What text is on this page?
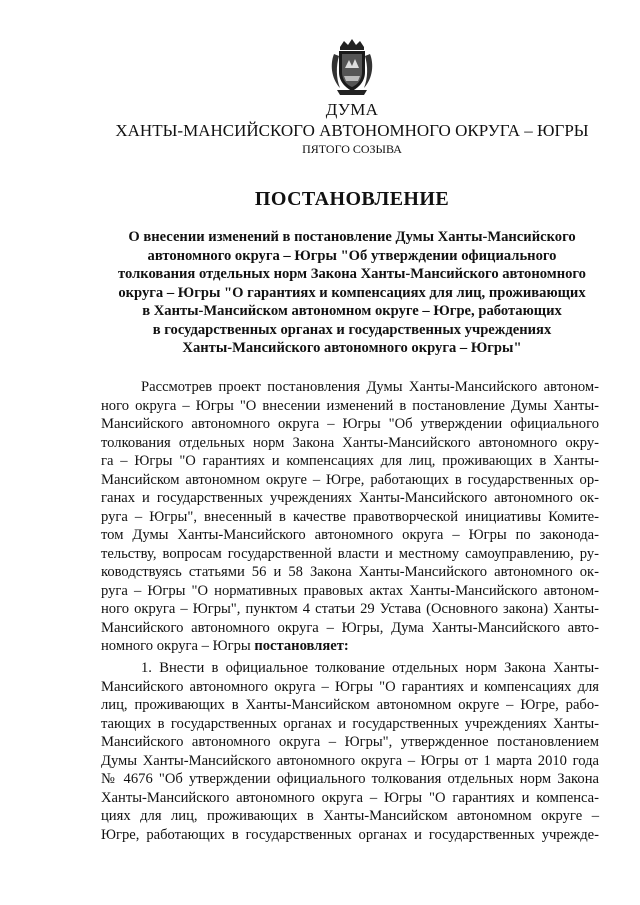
ДУМА
ХАНТЫ-МАНСИЙСКОГО АВТОНОМНОГО ОКРУГА – ЮГРЫ
ПЯТОГО СОЗЫВА
ПОСТАНОВЛЕНИЕ
О внесении изменений в постановление Думы Ханты-Мансийского
автономного округа – Югры "Об утверждении официального
толкования отдельных норм Закона Ханты-Мансийского автономного
округа – Югры "О гарантиях и компенсациях для лиц, проживающих
в Ханты-Мансийском автономном округе – Югре, работающих
в государственных органах и государственных учреждениях
Ханты-Мансийского автономного округа – Югры"
Рассмотрев проект постановления Думы Ханты-Мансийского автоном-
ного округа – Югры "О внесении изменений в постановление Думы Ханты-
Мансийского автономного округа – Югры "Об утверждении официального
толкования отдельных норм Закона Ханты-Мансийского автономного окру-
га – Югры "О гарантиях и компенсациях для лиц, проживающих в Ханты-
Мансийском автономном округе – Югре, работающих в государственных ор-
ганах и государственных учреждениях Ханты-Мансийского автономного ок-
руга – Югры", внесенный в качестве правотворческой инициативы Комите-
том Думы Ханты-Мансийского автономного округа – Югры по законода-
тельству, вопросам государственной власти и местному самоуправлению, ру-
ководствуясь статьями 56 и 58 Закона Ханты-Мансийского автономного ок-
руга – Югры "О нормативных правовых актах Ханты-Мансийского автоном-
ного округа – Югры", пунктом 4 статьи 29 Устава (Основного закона) Ханты-
Мансийского автономного округа – Югры, Дума Ханты-Мансийского авто-
номного округа – Югры постановляет:
1. Внести в официальное толкование отдельных норм Закона Ханты-
Мансийского автономного округа – Югры "О гарантиях и компенсациях для
лиц, проживающих в Ханты-Мансийском автономном округе – Югре, рабо-
тающих в государственных органах и государственных учреждениях Ханты-
Мансийского автономного округа – Югры", утвержденное постановлением
Думы Ханты-Мансийского автономного округа – Югры от 1 марта 2010 года
№ 4676 "Об утверждении официального толкования отдельных норм Закона
Ханты-Мансийского автономного округа – Югры "О гарантиях и компенса-
циях для лиц, проживающих в Ханты-Мансийском автономном округе –
Югре, работающих в государственных органах и государственных учрежде-
